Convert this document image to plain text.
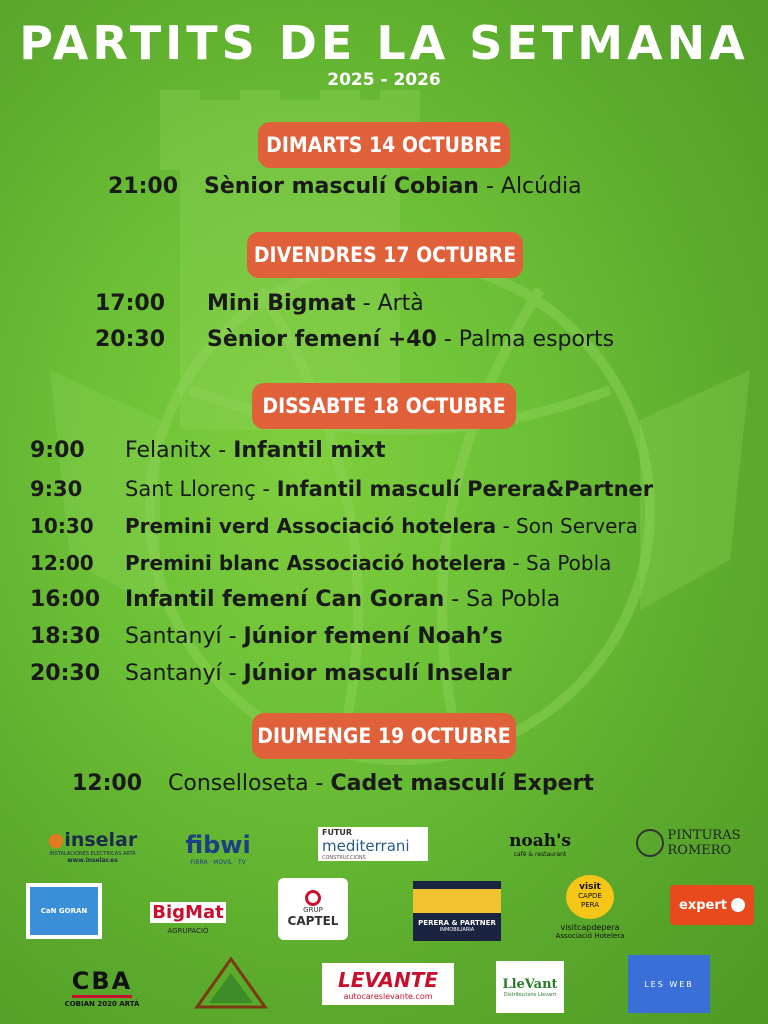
PARTITS DE LA SETMANA
2025 - 2026
DIMARTS 14 OCTUBRE
21:00 Sènior masculí Cobian - Alcúdia
DIVENDRES 17 OCTUBRE
17:00 Mini Bigmat - Artà
20:30 Sènior femení +40 - Palma esports
DISSABTE 18 OCTUBRE
9:00 Felanitx - Infantil mixt
9:30 Sant Llorenç - Infantil masculí Perera&Partner
10:30 Premini verd Associació hotelera - Son Servera
12:00 Premini blanc Associació hotelera - Sa Pobla
16:00 Infantil femení Can Goran - Sa Pobla
18:30 Santanyí - Júnior femení Noah’s
20:30 Santanyí - Júnior masculí Inselar
DIUMENGE 19 OCTUBRE
12:00 Conselloseta - Cadet masculí Expert
●inselar
INSTALACIONES ELECTRICAS ARTÀ
www.inselar.es
fibwi
FIBRA · MOVIL · TV
FUTUR
mediterrani
CONSTRUCCIONS
noah's
café & restaurant
PINTURAS
ROMERO
CaN GORAN	BigMat
AGRUPACIÓ
GRUP
CAPTEL	PERERA & PARTNER
INMOBILIARIA
visit
CAPDE
PERA
visitcapdepera
Associació Hotelera
expert
CBA
COBIAN 2020 ARTÀ
LEVANTE
autocareslevante.com
LleVant
Distribucions Llevant
LES WEB
